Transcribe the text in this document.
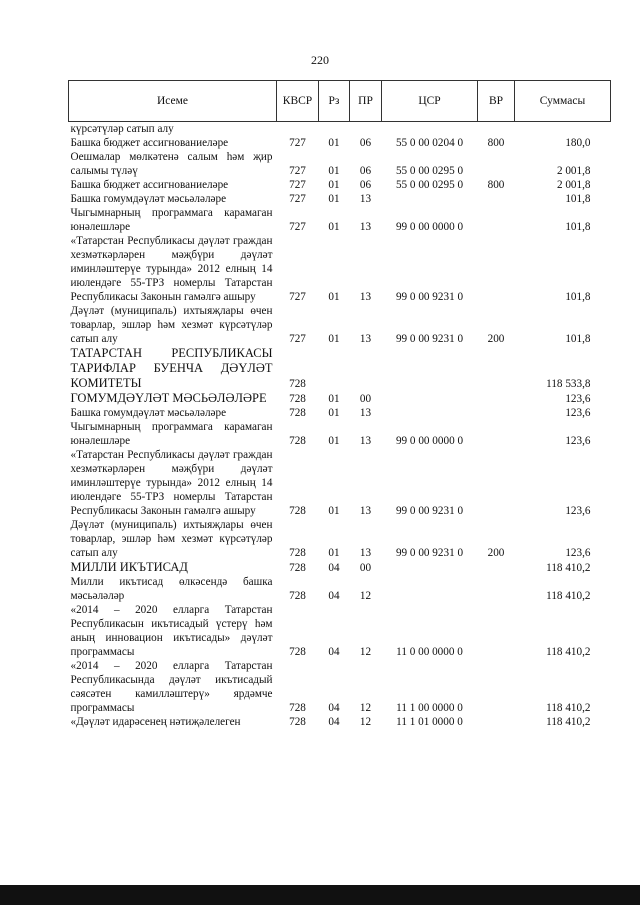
220
Исеме	КВСР	Рз	ПР	ЦСР	ВР	Суммасы
күрсәтүләр сатып алу						
Башка бюджет ассигнованиеләре	727	01	06	55 0 00 0204 0	800	180,0
Оешмалар мөлкәтенә салым һәм җир салымы түләү	727	01	06	55 0 00 0295 0		2 001,8
Башка бюджет ассигнованиеләре	727	01	06	55 0 00 0295 0	800	2 001,8
Башка гомумдәүләт мәсьәләләре	727	01	13			101,8
Чыгымнарның программага карамаган юнәлешләре	727	01	13	99 0 00 0000 0		101,8
«Татарстан Республикасы дәүләт граждан хезмәткәрләрен мәҗбүри дәүләт иминләштерүе турында» 2012 елның 14 июлендәге 55-ТРЗ номерлы Татарстан Республикасы Законын гамәлгә ашыру	727	01	13	99 0 00 9231 0		101,8
Дәүләт (муниципаль) ихтыяҗлары өчен товарлар, эшләр һәм хезмәт күрсәтүләр сатып алу	727	01	13	99 0 00 9231 0	200	101,8
ТАТАРСТАН РЕСПУБЛИКАСЫ ТАРИФЛАР БУЕНЧА ДӘҮЛӘТ КОМИТЕТЫ	728					118 533,8
ГОМУМДӘҮЛӘТ МӘСЬӘЛӘЛӘРЕ	728	01	00			123,6
Башка гомумдәүләт мәсьәләләре	728	01	13			123,6
Чыгымнарның программага карамаган юнәлешләре	728	01	13	99 0 00 0000 0		123,6
«Татарстан Республикасы дәүләт граждан хезмәткәрләрен мәҗбүри дәүләт иминләштерүе турында» 2012 елның 14 июлендәге 55-ТРЗ номерлы Татарстан Республикасы Законын гамәлгә ашыру	728	01	13	99 0 00 9231 0		123,6
Дәүләт (муниципаль) ихтыяҗлары өчен товарлар, эшләр һәм хезмәт күрсәтүләр сатып алу	728	01	13	99 0 00 9231 0	200	123,6
МИЛЛИ ИКЪТИСАД	728	04	00			118 410,2
Милли икътисад өлкәсендә башка мәсьәләләр	728	04	12			118 410,2
«2014 – 2020 елларга Татарстан Республикасын икътисадый үстерү һәм аның инновацион икътисады» дәүләт программасы	728	04	12	11 0 00 0000 0		118 410,2
«2014 – 2020 елларга Татарстан Республикасында дәүләт икътисадый сәясәтен камилләштерү» ярдәмче программасы	728	04	12	11 1 00 0000 0		118 410,2
«Дәүләт идарәсенең нәтиҗәлелеген	728	04	12	11 1 01 0000 0		118 410,2
